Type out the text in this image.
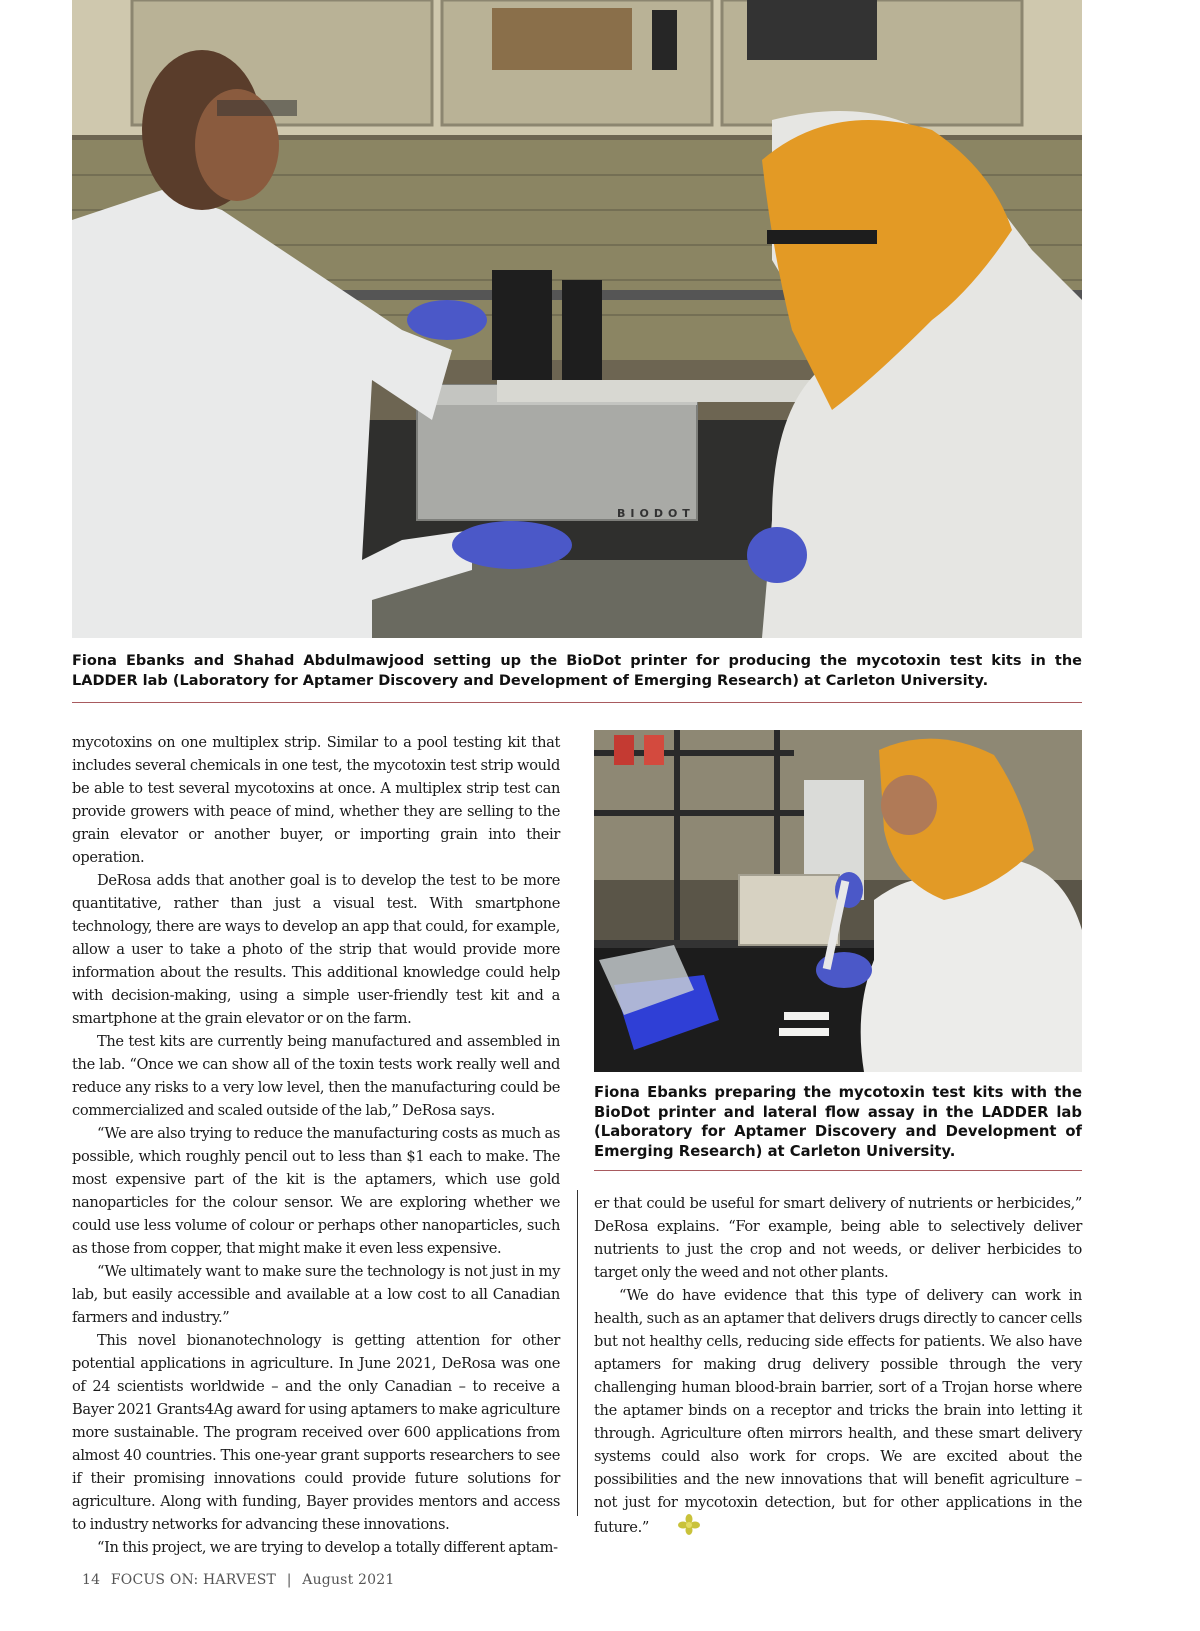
BIODOT

Fiona Ebanks and Shahad Abdulmawjood setting up the BioDot printer for producing the mycotoxin test kits in the LADDER lab (Laboratory for Aptamer Discovery and Development of Emerging Research) at Carleton University.

mycotoxins on one multiplex strip. Similar to a pool testing kit that includes several chemicals in one test, the mycotoxin test strip would be able to test several mycotoxins at once. A multiplex strip test can provide growers with peace of mind, whether they are selling to the grain elevator or another buyer, or importing grain into their operation.

DeRosa adds that another goal is to develop the test to be more quantitative, rather than just a visual test. With smartphone technology, there are ways to develop an app that could, for example, allow a user to take a photo of the strip that would provide more information about the results. This additional knowledge could help with decision-making, using a simple user-friendly test kit and a smartphone at the grain elevator or on the farm.

The test kits are currently being manufactured and assembled in the lab. “Once we can show all of the toxin tests work really well and reduce any risks to a very low level, then the manufacturing could be commercialized and scaled outside of the lab,” DeRosa says.

“We are also trying to reduce the manufacturing costs as much as possible, which roughly pencil out to less than $1 each to make. The most expensive part of the kit is the aptamers, which use gold nanoparticles for the colour sensor. We are exploring whether we could use less volume of colour or perhaps other nanoparticles, such as those from copper, that might make it even less expensive.

“We ultimately want to make sure the technology is not just in my lab, but easily accessible and available at a low cost to all Canadian farmers and industry.”

This novel bionanotechnology is getting attention for other potential applications in agriculture. In June 2021, DeRosa was one of 24 scientists worldwide – and the only Canadian – to receive a Bayer 2021 Grants4Ag award for using aptamers to make agriculture more sustainable. The program received over 600 applications from almost 40 countries. This one-year grant supports researchers to see if their promising innovations could provide future solutions for agriculture. Along with funding, Bayer provides mentors and access to industry networks for advancing these innovations.

“In this project, we are trying to develop a totally different aptam-

Fiona Ebanks preparing the mycotoxin test kits with the BioDot printer and lateral flow assay in the LADDER lab (Laboratory for Aptamer Discovery and Development of Emerging Research) at Carleton University.

er that could be useful for smart delivery of nutrients or herbicides,” DeRosa explains. “For example, being able to selectively deliver nutrients to just the crop and not weeds, or deliver herbicides to target only the weed and not other plants.

“We do have evidence that this type of delivery can work in health, such as an aptamer that delivers drugs directly to cancer cells but not healthy cells, reducing side effects for patients. We also have aptamers for making drug delivery possible through the very challenging human blood-brain barrier, sort of a Trojan horse where the aptamer binds on a receptor and tricks the brain into letting it through. Agriculture often mirrors health, and these smart delivery systems could also work for crops. We are excited about the possibilities and the new innovations that will benefit agriculture – not just for mycotoxin detection, but for other applications in the future.”

14 FOCUS ON: HARVEST | August 2021
